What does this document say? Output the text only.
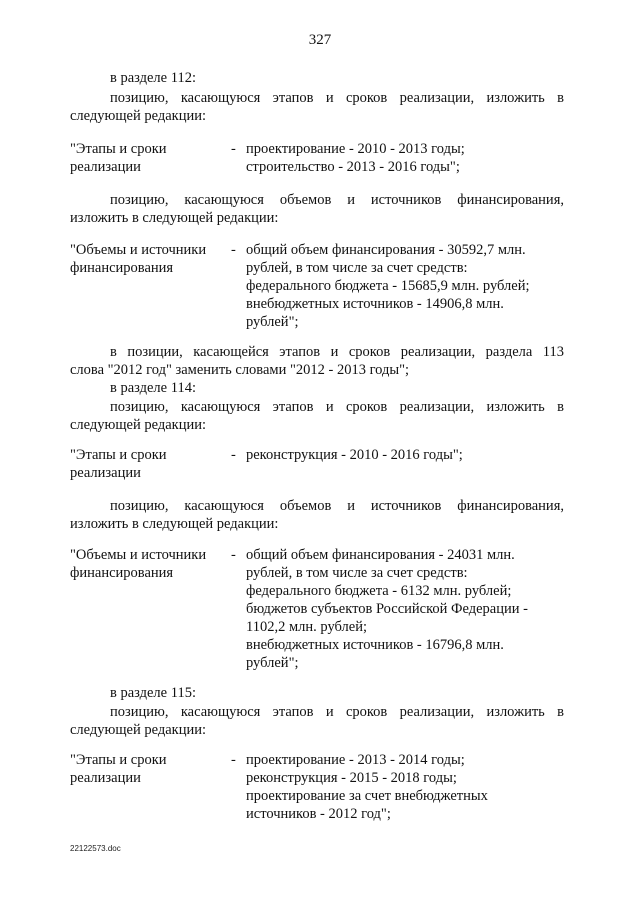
327
в разделе 112:
позицию, касающуюся этапов и сроков реализации, изложить в
следующей редакции:
"Этапы и сроки
реализации
- проектирование - 2010 - 2013 годы;
строительство - 2013 - 2016 годы";
позицию, касающуюся объемов и источников финансирования,
изложить в следующей редакции:
"Объемы и источники
финансирования
- общий объем финансирования - 30592,7 млн.
рублей, в том числе за счет средств:
федерального бюджета - 15685,9 млн. рублей;
внебюджетных источников - 14906,8 млн.
рублей";
в позиции, касающейся этапов и сроков реализации, раздела 113
слова "2012 год" заменить словами "2012 - 2013 годы";
в разделе 114:
позицию, касающуюся этапов и сроков реализации, изложить в
следующей редакции:
"Этапы и сроки
реализации
- реконструкция - 2010 - 2016 годы";
позицию, касающуюся объемов и источников финансирования,
изложить в следующей редакции:
"Объемы и источники
финансирования
- общий объем финансирования - 24031 млн.
рублей, в том числе за счет средств:
федерального бюджета - 6132 млн. рублей;
бюджетов субъектов Российской Федерации -
1102,2 млн. рублей;
внебюджетных источников - 16796,8 млн.
рублей";
в разделе 115:
позицию, касающуюся этапов и сроков реализации, изложить в
следующей редакции:
"Этапы и сроки
реализации
- проектирование - 2013 - 2014 годы;
реконструкция - 2015 - 2018 годы;
проектирование за счет внебюджетных
источников - 2012 год";
22122573.doc
